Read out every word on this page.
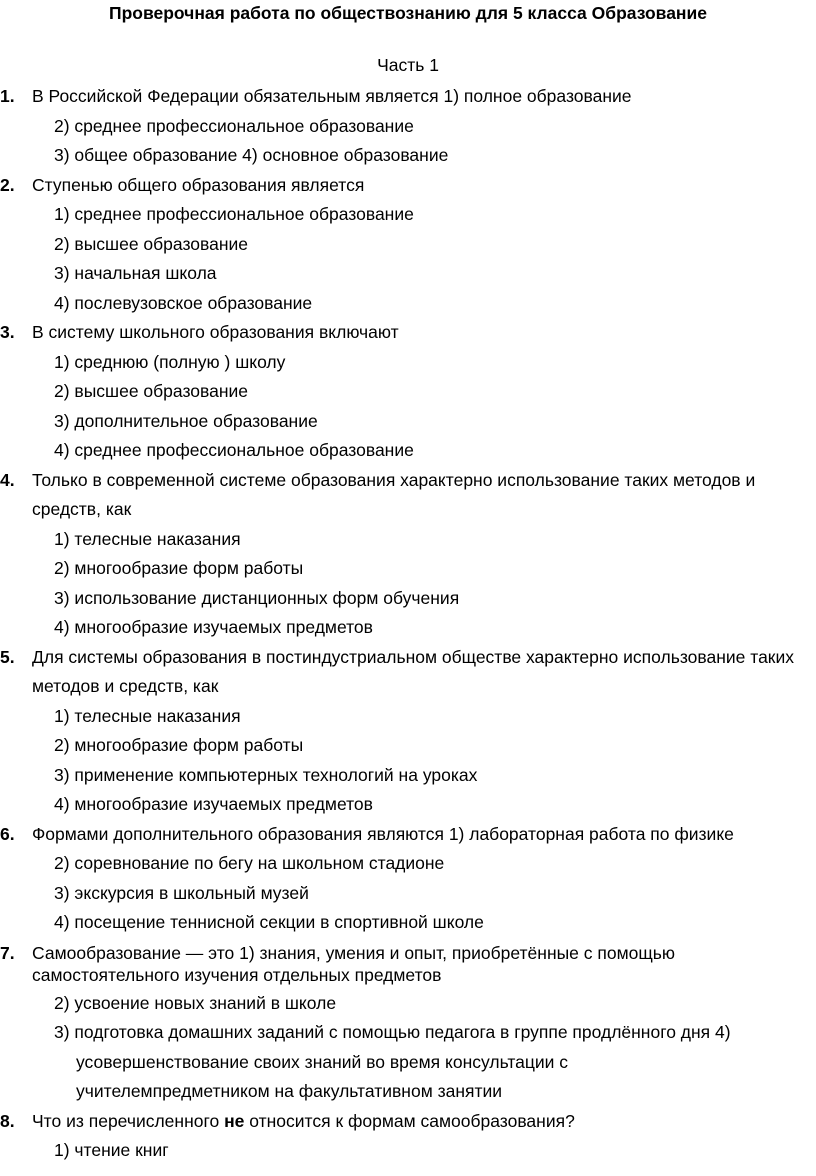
Проверочная работа по обществознанию для 5 класса Образование
Часть 1
1. В Российской Федерации обязательным является 1) полное образование
2) среднее профессиональное образование
3) общее образование 4) основное образование
2. Ступенью общего образования является
1) среднее профессиональное образование
2) высшее образование
3) начальная школа
4) послевузовское образование
3. В систему школьного образования включают
1) среднюю (полную ) школу
2) высшее образование
3) дополнительное образование
4) среднее профессиональное образование
4. Только в современной системе образования характерно использование таких методов и средств, как
1) телесные наказания
2) многообразие форм работы
3) использование дистанционных форм обучения
4) многообразие изучаемых предметов
5. Для системы образования в постиндустриальном обществе характерно использование таких методов и средств, как
1) телесные наказания
2) многообразие форм работы
3) применение компьютерных технологий на уроках
4) многообразие изучаемых предметов
6. Формами дополнительного образования являются 1) лабораторная работа по физике
2) соревнование по бегу на школьном стадионе
3) экскурсия в школьный музей
4) посещение теннисной секции в спортивной школе
7. Самообразование — это 1) знания, умения и опыт, приобретённые с помощью самостоятельного изучения отдельных предметов
2) усвоение новых знаний в школе
3) подготовка домашних заданий с помощью педагога в группе продлённого дня 4)
усовершенствование своих знаний во время консультации с
учителемпредметником на факультативном занятии
8. Что из перечисленного не относится к формам самообразования?
1) чтение книг
